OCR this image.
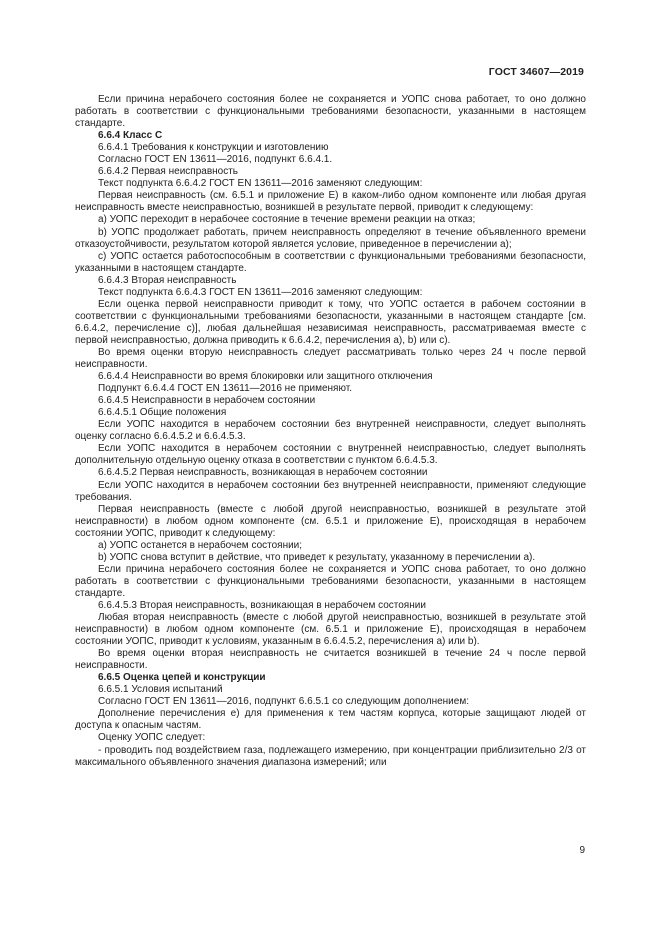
ГОСТ 34607—2019

Если причина нерабочего состояния более не сохраняется и УОПС снова работает, то оно должно работать в соответствии с функциональными требованиями безопасности, указанными в настоящем стандарте.

6.6.4 Класс С

6.6.4.1 Требования к конструкции и изготовлению

Согласно ГОСТ EN 13611—2016, подпункт 6.6.4.1.

6.6.4.2 Первая неисправность

Текст подпункта 6.6.4.2 ГОСТ EN 13611—2016 заменяют следующим:

Первая неисправность (см. 6.5.1 и приложение Е) в каком-либо одном компоненте или любая другая неисправность вместе неисправностью, возникшей в результате первой, приводит к следующему:

a) УОПС переходит в нерабочее состояние в течение времени реакции на отказ;

b) УОПС продолжает работать, причем неисправность определяют в течение объявленного времени отказоустойчивости, результатом которой является условие, приведенное в перечислении а);

c) УОПС остается работоспособным в соответствии с функциональными требованиями безопасности, указанными в настоящем стандарте.

6.6.4.3 Вторая неисправность

Текст подпункта 6.6.4.3 ГОСТ EN 13611—2016 заменяют следующим:

Если оценка первой неисправности приводит к тому, что УОПС остается в рабочем состоянии в соответствии с функциональными требованиями безопасности, указанными в настоящем стандарте [см. 6.6.4.2, перечисление с)], любая дальнейшая независимая неисправность, рассматриваемая вместе с первой неисправностью, должна приводить к 6.6.4.2, перечисления а), b) или с).

Во время оценки вторую неисправность следует рассматривать только через 24 ч после первой неисправности.

6.6.4.4 Неисправности во время блокировки или защитного отключения

Подпункт 6.6.4.4 ГОСТ EN 13611—2016 не применяют.

6.6.4.5 Неисправности в нерабочем состоянии

6.6.4.5.1 Общие положения

Если УОПС находится в нерабочем состоянии без внутренней неисправности, следует выполнять оценку согласно 6.6.4.5.2 и 6.6.4.5.3.

Если УОПС находится в нерабочем состоянии с внутренней неисправностью, следует выполнять дополнительную отдельную оценку отказа в соответствии с пунктом 6.6.4.5.3.

6.6.4.5.2 Первая неисправность, возникающая в нерабочем состоянии

Если УОПС находится в нерабочем состоянии без внутренней неисправности, применяют следующие требования.

Первая неисправность (вместе с любой другой неисправностью, возникшей в результате этой неисправности) в любом одном компоненте (см. 6.5.1 и приложение Е), происходящая в нерабочем состоянии УОПС, приводит к следующему:

a) УОПС останется в нерабочем состоянии;

b) УОПС снова вступит в действие, что приведет к результату, указанному в перечислении а).

Если причина нерабочего состояния более не сохраняется и УОПС снова работает, то оно должно работать в соответствии с функциональными требованиями безопасности, указанными в настоящем стандарте.

6.6.4.5.3 Вторая неисправность, возникающая в нерабочем состоянии

Любая вторая неисправность (вместе с любой другой неисправностью, возникшей в результате этой неисправности) в любом одном компоненте (см. 6.5.1 и приложение Е), происходящая в нерабочем состоянии УОПС, приводит к условиям, указанным в 6.6.4.5.2, перечисления а) или b).

Во время оценки вторая неисправность не считается возникшей в течение 24 ч после первой неисправности.

6.6.5 Оценка цепей и конструкции

6.6.5.1 Условия испытаний

Согласно ГОСТ EN 13611—2016, подпункт 6.6.5.1 со следующим дополнением:

Дополнение перечисления е) для применения к тем частям корпуса, которые защищают людей от доступа к опасным частям.

Оценку УОПС следует:

- проводить под воздействием газа, подлежащего измерению, при концентрации приблизительно 2/3 от максимального объявленного значения диапазона измерений; или

9
